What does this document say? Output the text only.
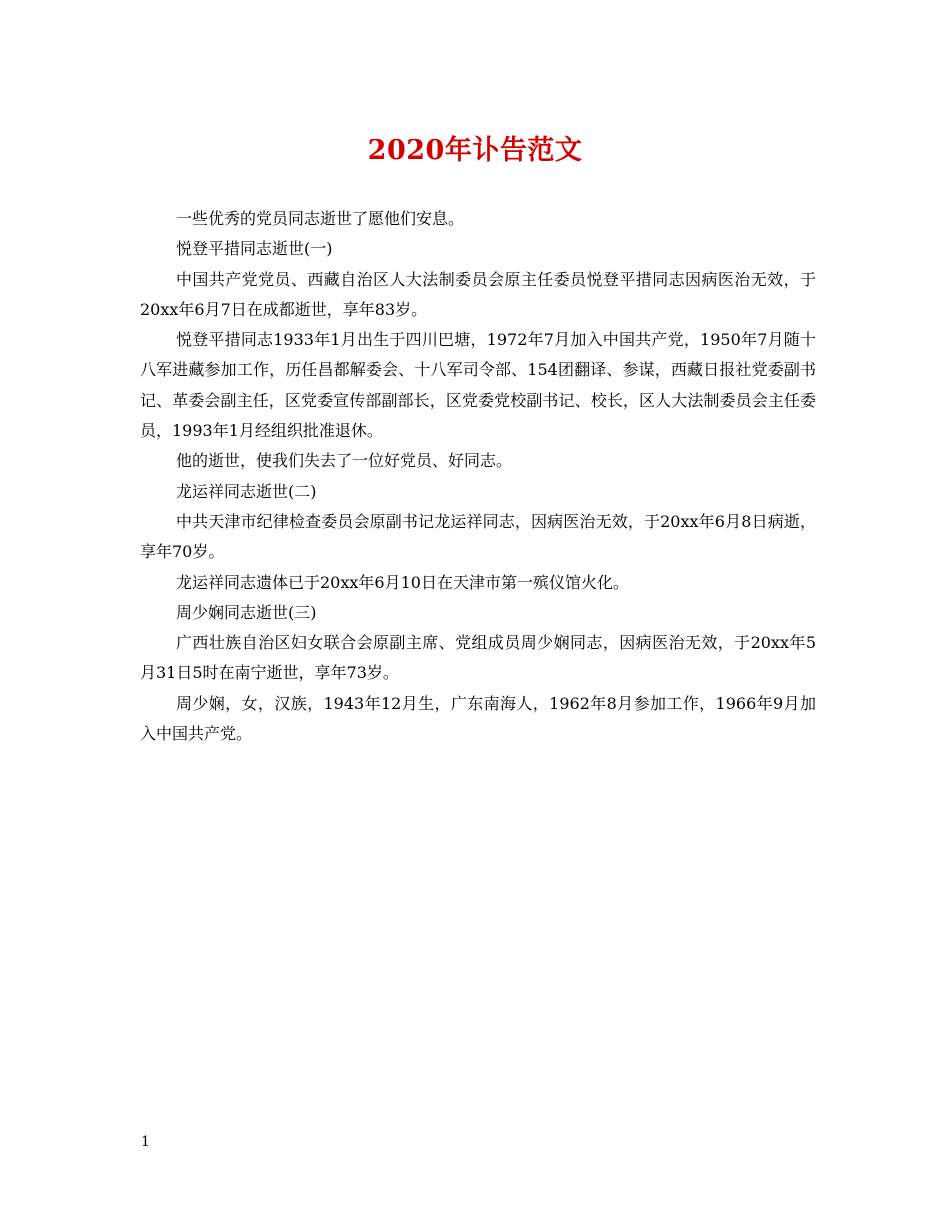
2020年讣告范文

一些优秀的党员同志逝世了愿他们安息。

悦登平措同志逝世(一)

中国共产党党员、西藏自治区人大法制委员会原主任委员悦登平措同志因病医治无效，于20xx年6月7日在成都逝世，享年83岁。

悦登平措同志1933年1月出生于四川巴塘，1972年7月加入中国共产党，1950年7月随十八军进藏参加工作，历任昌都解委会、十八军司令部、154团翻译、参谋，西藏日报社党委副书记、革委会副主任，区党委宣传部副部长，区党委党校副书记、校长，区人大法制委员会主任委员，1993年1月经组织批准退休。

他的逝世，使我们失去了一位好党员、好同志。

龙运祥同志逝世(二)

中共天津市纪律检查委员会原副书记龙运祥同志，因病医治无效，于20xx年6月8日病逝，享年70岁。

龙运祥同志遗体已于20xx年6月10日在天津市第一殡仪馆火化。

周少娴同志逝世(三)

广西壮族自治区妇女联合会原副主席、党组成员周少娴同志，因病医治无效，于20xx年5月31日5时在南宁逝世，享年73岁。

周少娴，女，汉族，1943年12月生，广东南海人，1962年8月参加工作，1966年9月加入中国共产党。

1
